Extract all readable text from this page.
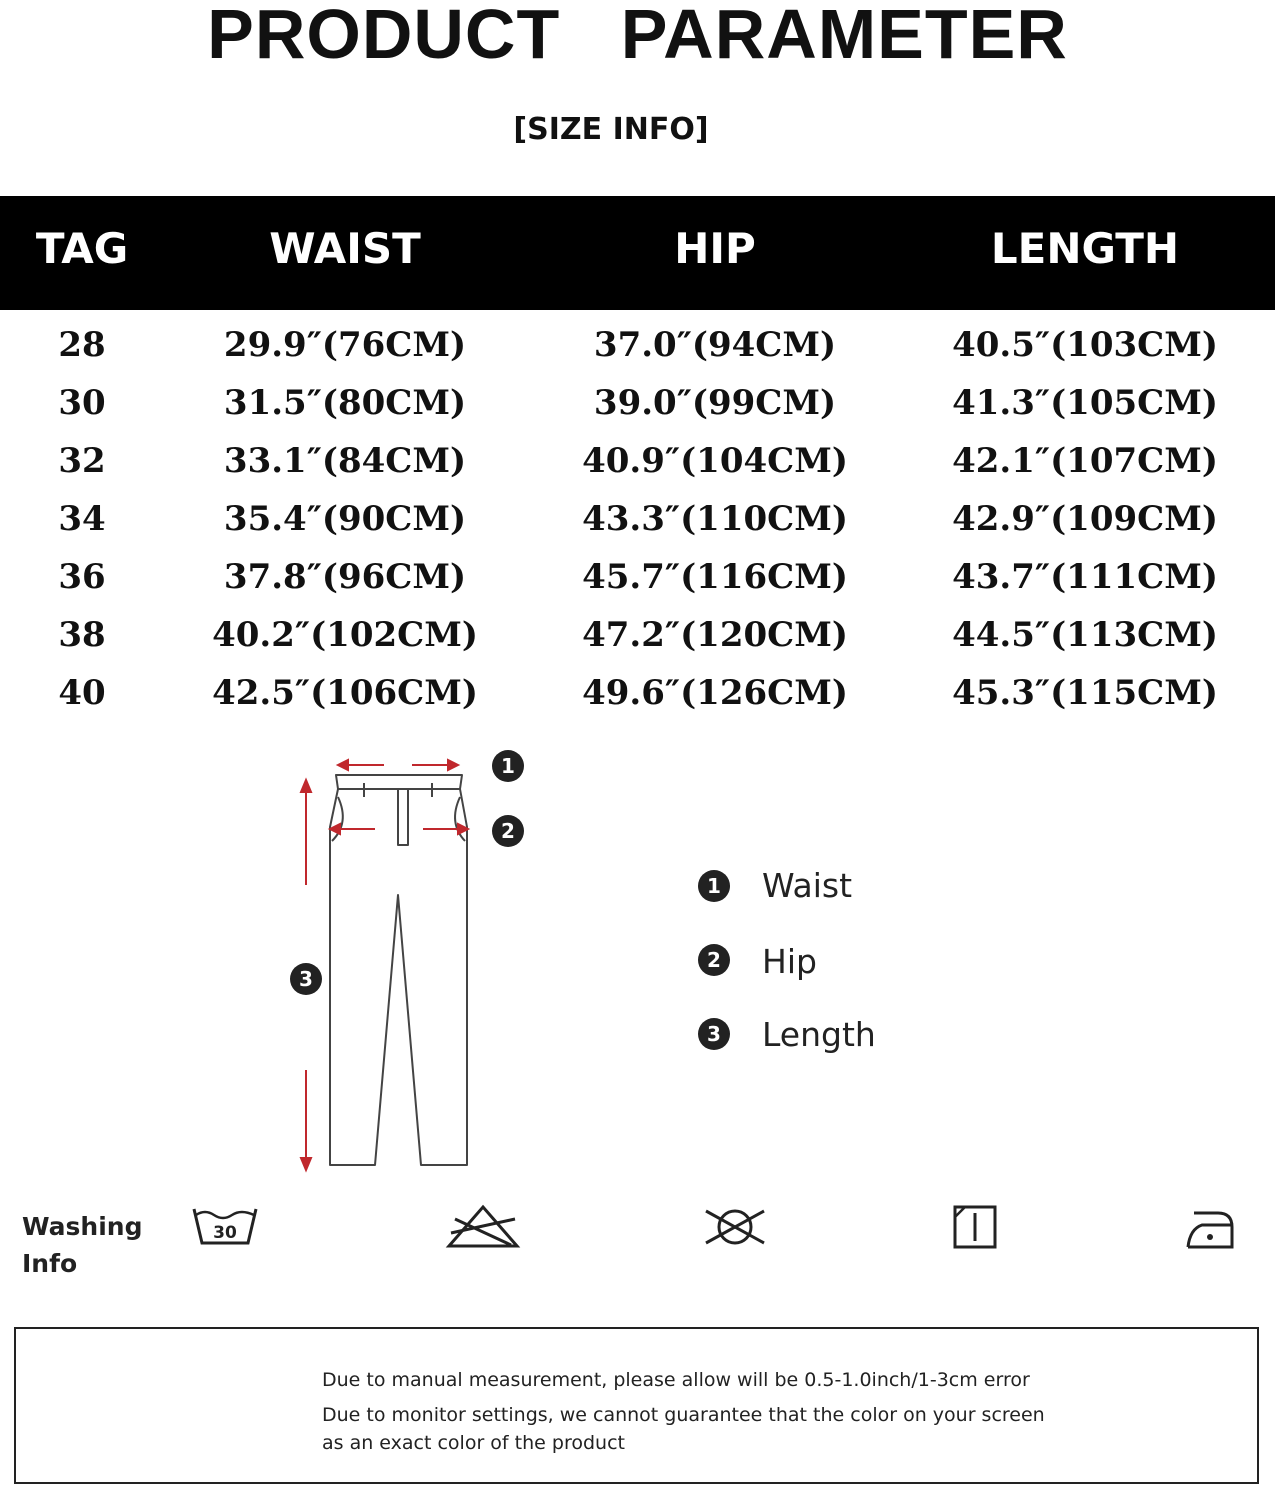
PRODUCT PARAMETER
[SIZE INFO]
TAG	WAIST	HIP	LENGTH
28	29.9″(76CM)	37.0″(94CM)	40.5″(103CM)
30	31.5″(80CM)	39.0″(99CM)	41.3″(105CM)
32	33.1″(84CM)	40.9″(104CM)	42.1″(107CM)
34	35.4″(90CM)	43.3″(110CM)	42.9″(109CM)
36	37.8″(96CM)	45.7″(116CM)	43.7″(111CM)
38	40.2″(102CM)	47.2″(120CM)	44.5″(113CM)
40	42.5″(106CM)	49.6″(126CM)	45.3″(115CM)
1
2
3
1 Waist
2 Hip
3 Length
Washing
Info
30
Due to manual measurement, please allow will be 0.5-1.0inch/1-3cm error
Due to monitor settings, we cannot guarantee that the color on your screen
as an exact color of the product
